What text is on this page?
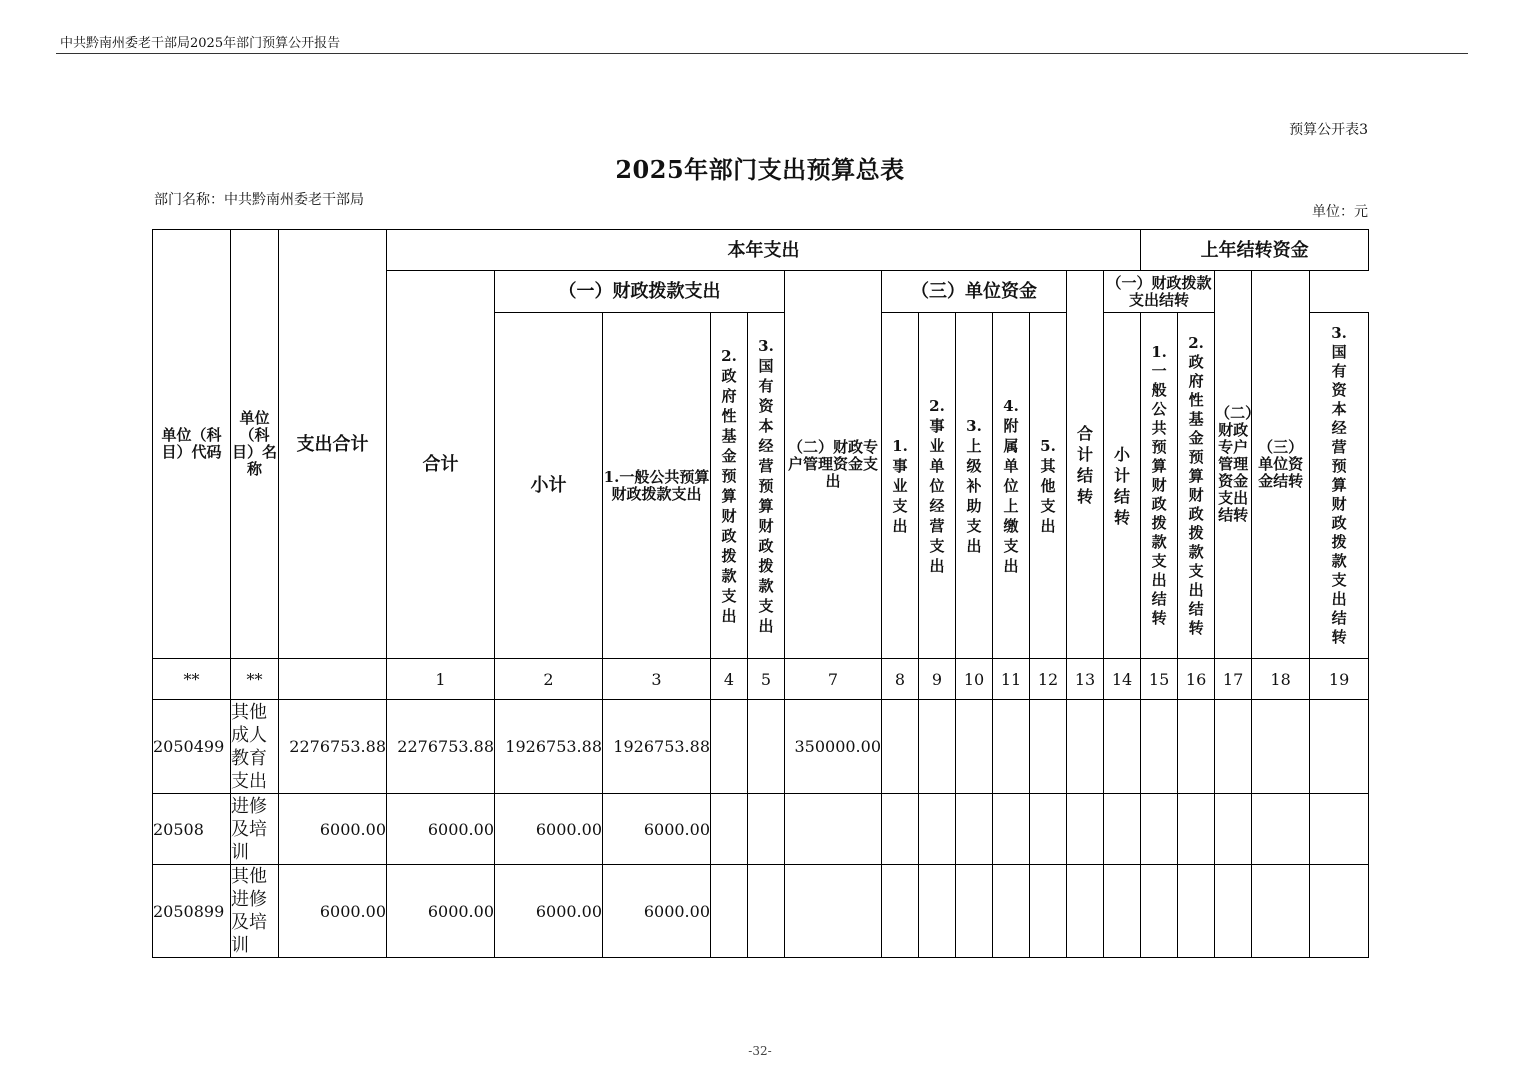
中共黔南州委老干部局2025年部门预算公开报告
预算公开表3
2025年部门支出预算总表
部门名称：中共黔南州委老干部局
单位：元
单位（科目）代码	单位（科目）名称	支出合计	本年支出													上年结转资金				
			合计	（一）财政拨款支出				（二）财政专户管理资金支出	（三）单位资金					合计结转	（一）财政拨款支出结转			（二）财政专户管理资金支出结转	（三）单位资金结转	
				小计	1.一般公共预算财政拨款支出	2.政府性基金预算财政拨款支出	3.国有资本经营预算财政拨款支出		1.事业支出	2.事业单位经营支出	3.上级补助支出	4.附属单位上缴支出	5.其他支出		小计结转	1.一般公共预算财政拨款支出结转	2.政府性基金预算财政拨款支出结转			3.国有资本经营预算财政拨款支出结转
**	**		1	2	3	4	5	7	8	9	10	11	12	13	14	15	16	17	18	19
2050499	其他成人教育支出	2276753.88	2276753.88	1926753.88	1926753.88			350000.00												
20508	进修及培训	6000.00	6000.00	6000.00	6000.00															
2050899	其他进修及培训	6000.00	6000.00	6000.00	6000.00															
-32-
